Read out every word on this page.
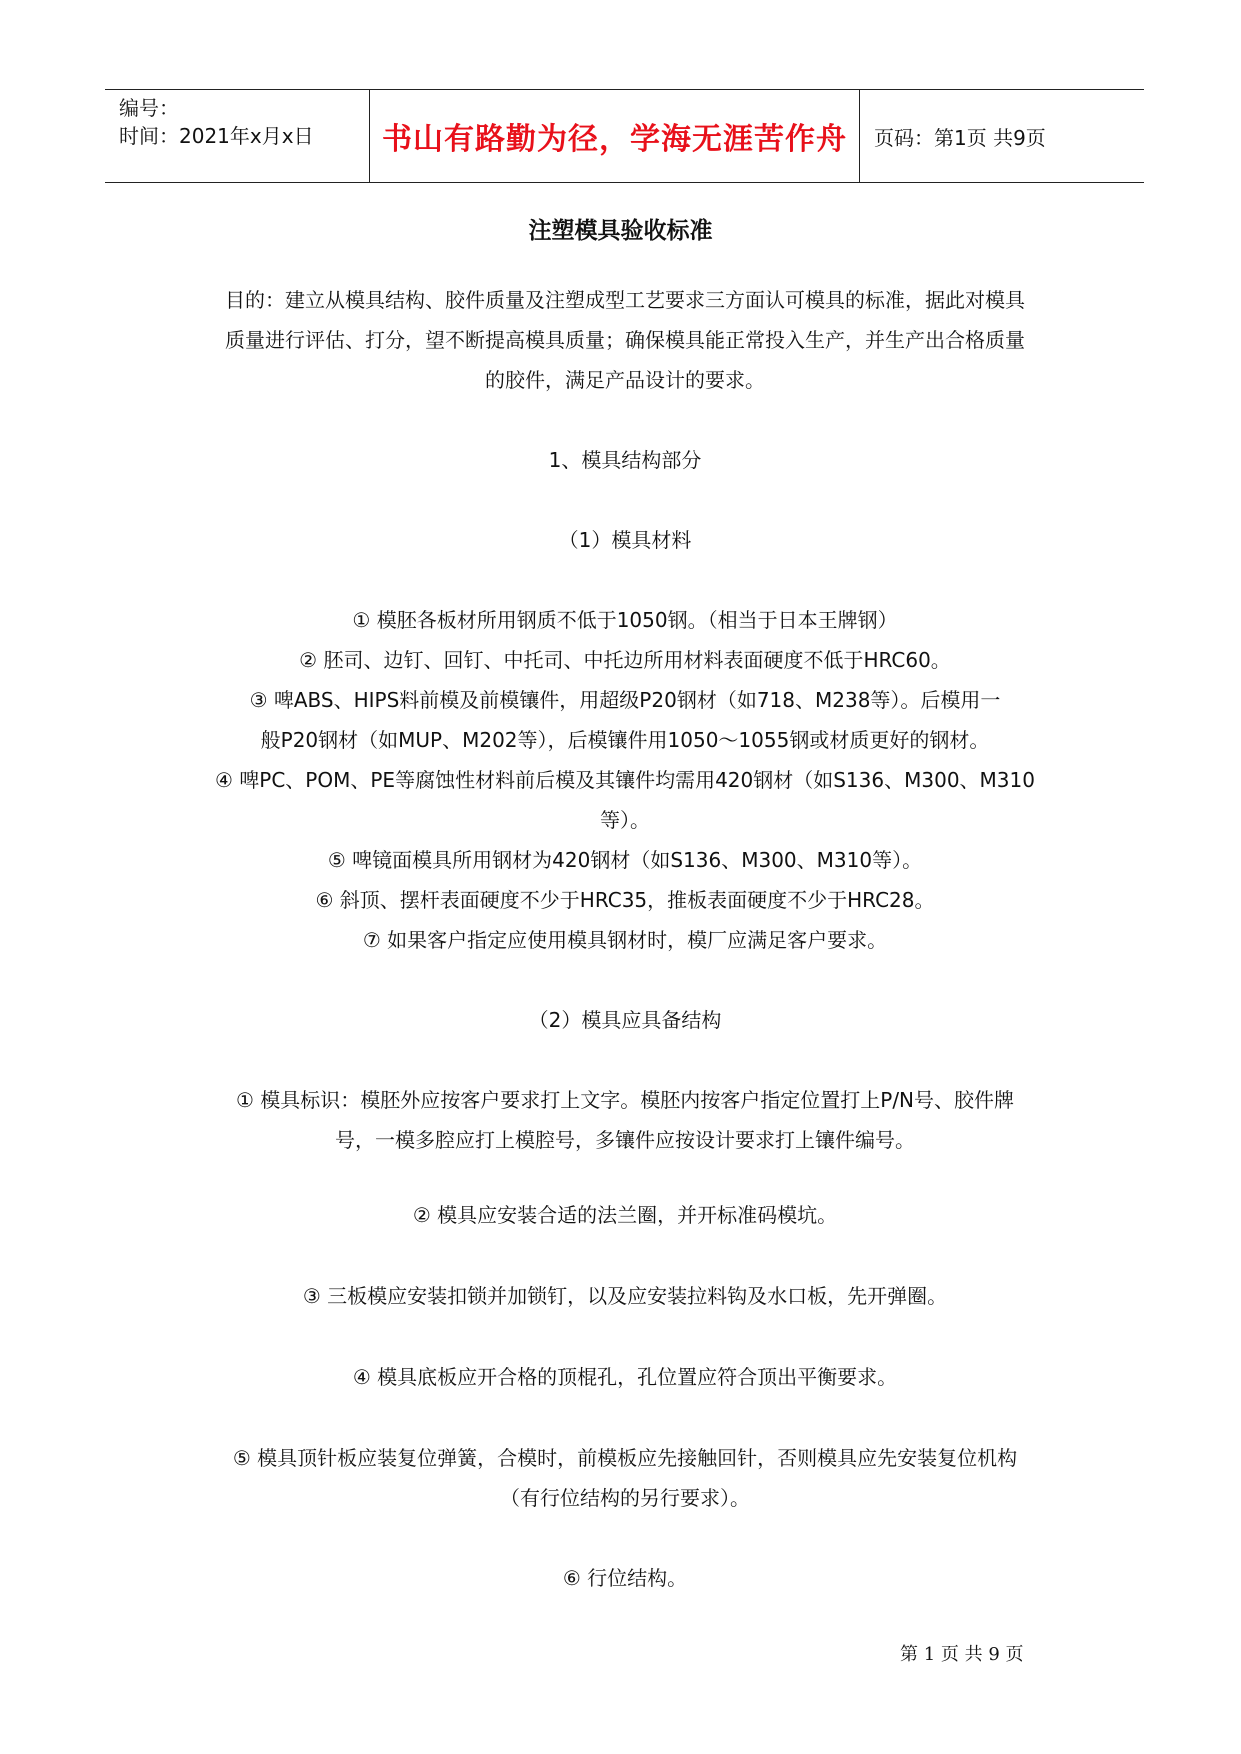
编号：
时间：2021年x月x日	书山有路勤为径，学海无涯苦作舟	页码：第1页 共9页
注塑模具验收标准
目的：建立从模具结构、胶件质量及注塑成型工艺要求三方面认可模具的标准，据此对模具
质量进行评估、打分，望不断提高模具质量；确保模具能正常投入生产，并生产出合格质量
的胶件，满足产品设计的要求。
1、模具结构部分
（1）模具材料
① 模胚各板材所用钢质不低于1050钢。（相当于日本王牌钢）
② 胚司、边钉、回钉、中托司、中托边所用材料表面硬度不低于HRC60。
③ 啤ABS、HIPS料前模及前模镶件，用超级P20钢材（如718、M238等）。后模用一
般P20钢材（如MUP、M202等），后模镶件用1050～1055钢或材质更好的钢材。
④ 啤PC、POM、PE等腐蚀性材料前后模及其镶件均需用420钢材（如S136、M300、M310
等）。
⑤ 啤镜面模具所用钢材为420钢材（如S136、M300、M310等）。
⑥ 斜顶、摆杆表面硬度不少于HRC35，推板表面硬度不少于HRC28。
⑦ 如果客户指定应使用模具钢材时，模厂应满足客户要求。
（2）模具应具备结构
① 模具标识：模胚外应按客户要求打上文字。模胚内按客户指定位置打上P/N号、胶件牌
号，一模多腔应打上模腔号，多镶件应按设计要求打上镶件编号。
② 模具应安装合适的法兰圈，并开标准码模坑。
③ 三板模应安装扣锁并加锁钉，以及应安装拉料钩及水口板，先开弹圈。
④ 模具底板应开合格的顶棍孔，孔位置应符合顶出平衡要求。
⑤ 模具顶针板应装复位弹簧，合模时，前模板应先接触回针，否则模具应先安装复位机构
（有行位结构的另行要求）。
⑥ 行位结构。
第 1 页 共 9 页
